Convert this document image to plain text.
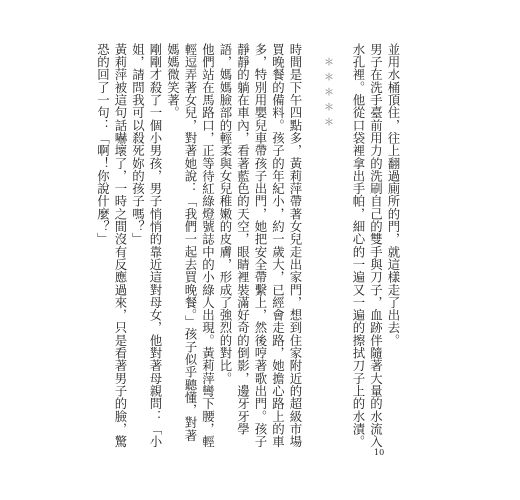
並用水桶頂住，往上翻過廁所的門，就這樣走了出去。

男子在洗手臺前用力的洗刷自己的雙手與刀子，血跡伴隨著大量的水流入水孔裡。他從口袋裡拿出手帕，細心的一遍又一遍的擦拭刀子上的水漬。

＊＊＊＊＊

時間是下午四點多，黃莉萍帶著女兒走出家門，想到住家附近的超級市場買晚餐的備料。孩子的年紀小，約一歲大，已經會走路，她擔心路上的車多，特別用嬰兒車帶孩子出門，她把安全帶繫上，然後哼著歌出門。孩子靜靜的躺在車內，看著藍色的天空，眼睛裡裝滿好奇的倒影，邊牙牙學語，媽媽臉部的輕柔與女兒稚嫩的皮膚，形成了強烈的對比。

他們站在馬路口，正等待紅綠燈號誌中的小綠人出現。黃莉萍彎下腰，輕輕逗弄著女兒，對著她說：「我們一起去買晚餐。」孩子似乎聽懂，對著媽媽微笑著。

剛剛才殺了一個小男孩，男子悄悄的靠近這對母女，他對著母親問：「小姐，請問我可以殺死妳的孩子嗎？」

黃莉萍被這句話嚇壞了，一時之間沒有反應過來，只是看著男子的臉，驚恐的回了一句：「啊！你說什麼？」

10
